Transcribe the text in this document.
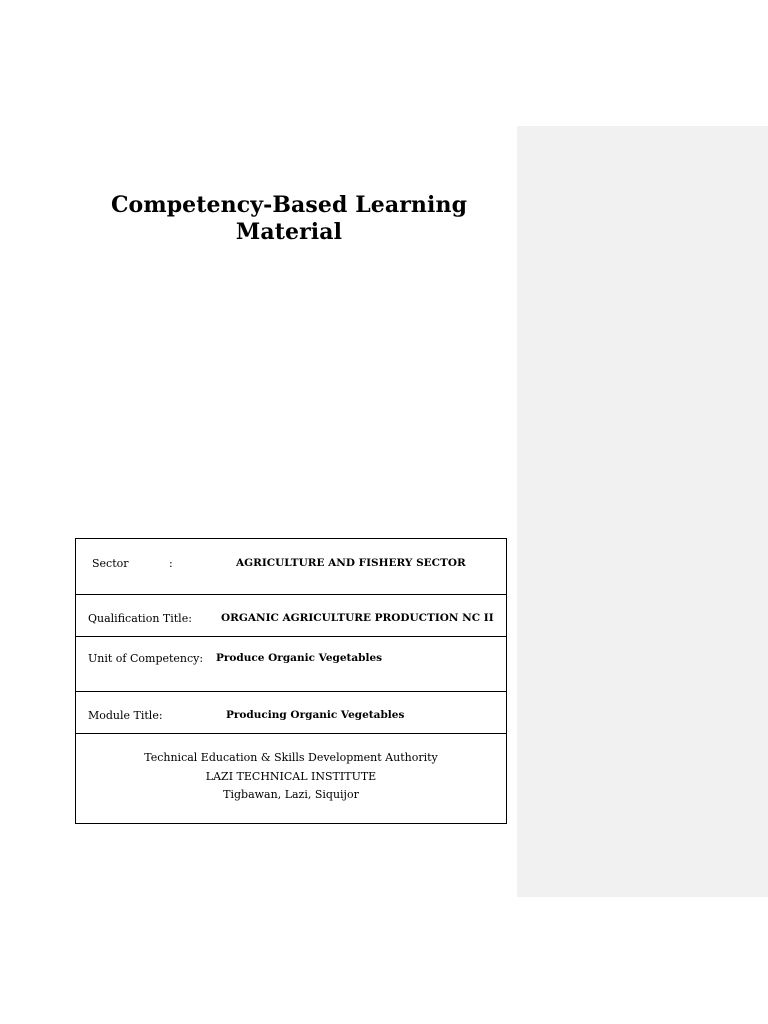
Competency-Based Learning Material
Sector	:	AGRICULTURE AND FISHERY SECTOR
Qualification Title:	ORGANIC AGRICULTURE PRODUCTION NC II
Unit of Competency: Produce Organic Vegetables
Module Title:	Producing Organic Vegetables
Technical Education & Skills Development Authority
LAZI TECHNICAL INSTITUTE
Tigbawan, Lazi, Siquijor
